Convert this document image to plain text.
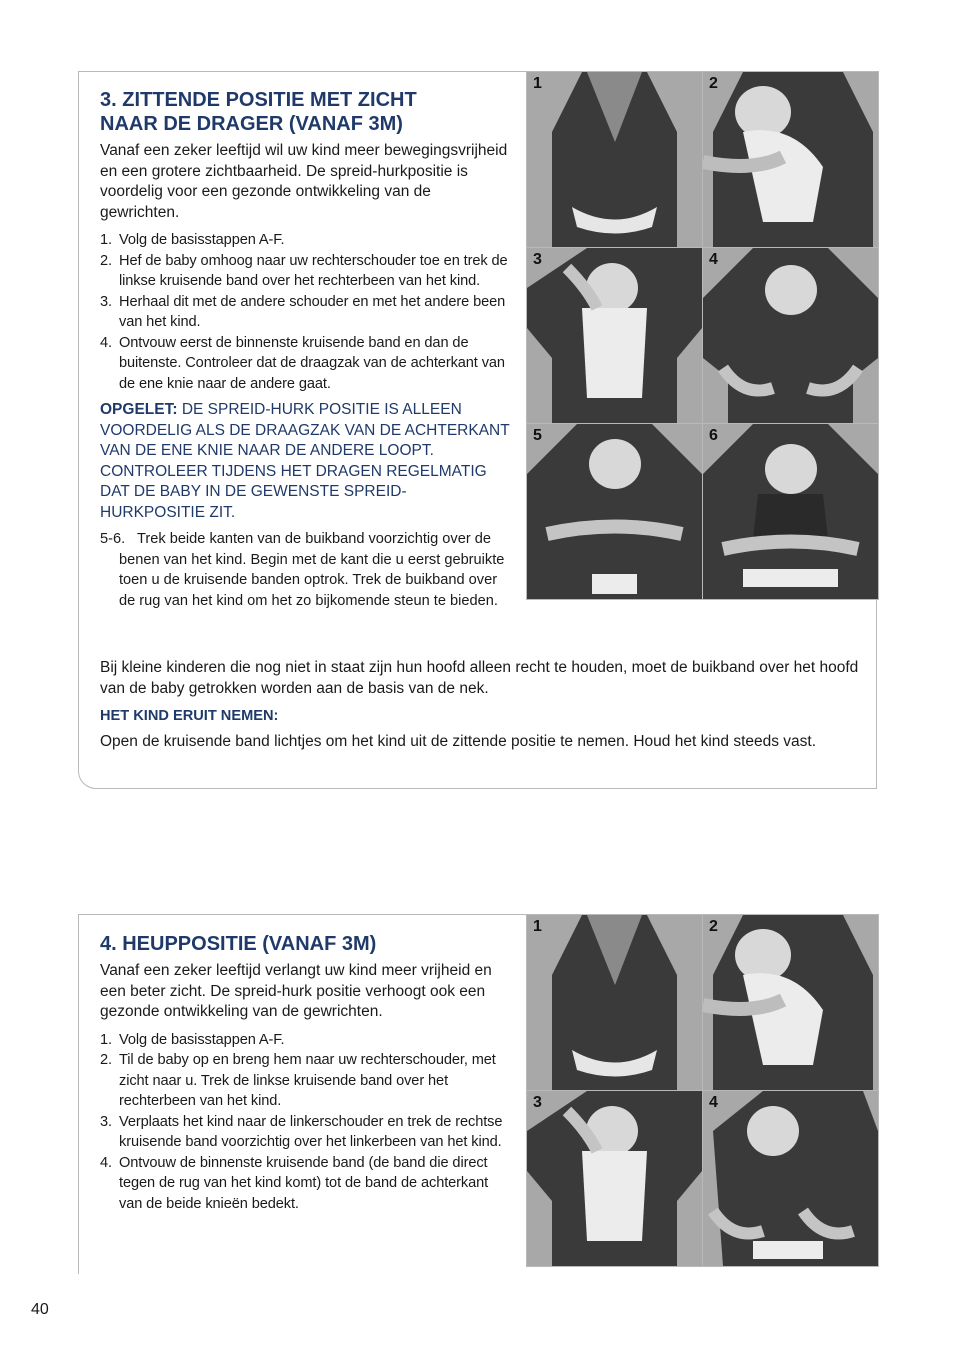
3. ZITTENDE POSITIE MET ZICHT
NAAR DE DRAGER (VANAF 3M)

Vanaf een zeker leeftijd wil uw kind meer bewegingsvrijheid en een grotere zichtbaarheid. De spreid-hurkpositie is voordelig voor een gezonde ontwikkeling van de gewrichten.

1. Volg de basisstappen A-F.
2. Hef de baby omhoog naar uw rechterschouder toe en trek de linkse kruisende band over het rechterbeen van het kind.
3. Herhaal dit met de andere schouder en met het andere been van het kind.
4. Ontvouw eerst de binnenste kruisende band en dan de buitenste. Controleer dat de draagzak van de achterkant van de ene knie naar de andere gaat.

OPGELET: DE SPREID-HURK POSITIE IS ALLEEN VOORDELIG ALS DE DRAAGZAK VAN DE ACHTERKANT VAN DE ENE KNIE NAAR DE ANDERE LOOPT. CONTROLEER TIJDENS HET DRAGEN REGELMATIG DAT DE BABY IN DE GEWENSTE SPREID-HURKPOSITIE ZIT.

5-6. Trek beide kanten van de buikband voorzichtig over de benen van het kind. Begin met de kant die u eerst gebruikte toen u de kruisende banden optrok. Trek de buikband over de rug van het kind om het zo bijkomende steun te bieden.
1	2
3	4
5	6

Bij kleine kinderen die nog niet in staat zijn hun hoofd alleen recht te houden, moet de buikband over het hoofd van de baby getrokken worden aan de basis van de nek.

HET KIND ERUIT NEMEN:

Open de kruisende band lichtjes om het kind uit de zittende positie te nemen. Houd het kind steeds vast.

4. HEUPPOSITIE (VANAF 3M)

Vanaf een zeker leeftijd verlangt uw kind meer vrijheid en een beter zicht. De spreid-hurk positie verhoogt ook een gezonde ontwikkeling van de gewrichten.

1. Volg de basisstappen A-F.
2. Til de baby op en breng hem naar uw rechterschouder, met zicht naar u. Trek de linkse kruisende band over het rechterbeen van het kind.
3. Verplaats het kind naar de linkerschouder en trek de rechtse kruisende band voorzichtig over het linkerbeen van het kind.
4. Ontvouw de binnenste kruisende band (de band die direct tegen de rug van het kind komt) tot de band de achterkant van de beide knieën bedekt.
1	2
3	4
40
